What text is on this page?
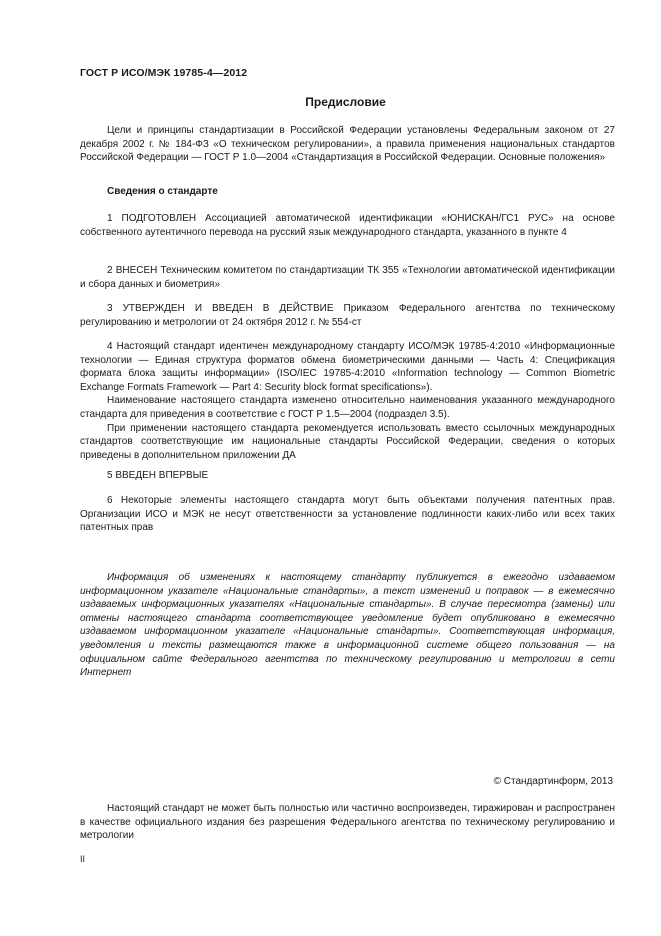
ГОСТ Р ИСО/МЭК 19785-4—2012
Предисловие

Цели и принципы стандартизации в Российской Федерации установлены Федеральным законом от 27 декабря 2002 г. № 184-ФЗ «О техническом регулировании», а правила применения национальных стандартов Российской Федерации — ГОСТ Р 1.0—2004 «Стандартизация в Российской Федерации. Основные положения»

Сведения о стандарте

1 ПОДГОТОВЛЕН Ассоциацией автоматической идентификации «ЮНИСКАН/ГС1 РУС» на основе собственного аутентичного перевода на русский язык международного стандарта, указанного в пункте 4

2 ВНЕСЕН Техническим комитетом по стандартизации ТК 355 «Технологии автоматической идентификации и сбора данных и биометрия»

3 УТВЕРЖДЕН И ВВЕДЕН В ДЕЙСТВИЕ Приказом Федерального агентства по техническому регулированию и метрологии от 24 октября 2012 г. № 554-ст

4 Настоящий стандарт идентичен международному стандарту ИСО/МЭК 19785-4:2010 «Информационные технологии — Единая структура форматов обмена биометрическими данными — Часть 4: Спецификация формата блока защиты информации» (ISO/IEC 19785-4:2010 «Information technology — Common Biometric Exchange Formats Framework — Part 4: Security block format specifications»).

Наименование настоящего стандарта изменено относительно наименования указанного международного стандарта для приведения в соответствие с ГОСТ Р 1.5—2004 (подраздел 3.5).

При применении настоящего стандарта рекомендуется использовать вместо ссылочных международных стандартов соответствующие им национальные стандарты Российской Федерации, сведения о которых приведены в дополнительном приложении ДА

5 ВВЕДЕН ВПЕРВЫЕ

6 Некоторые элементы настоящего стандарта могут быть объектами получения патентных прав. Организации ИСО и МЭК не несут ответственности за установление подлинности каких-либо или всех таких патентных прав

Информация об изменениях к настоящему стандарту публикуется в ежегодно издаваемом информационном указателе «Национальные стандарты», а текст изменений и поправок — в ежемесячно издаваемых информационных указателях «Национальные стандарты». В случае пересмотра (замены) или отмены настоящего стандарта соответствующее уведомление будет опубликовано в ежемесячно издаваемом информационном указателе «Национальные стандарты». Соответствующая информация, уведомления и тексты размещаются также в информационной системе общего пользования — на официальном сайте Федерального агентства по техническому регулированию и метрологии в сети Интернет

© Стандартинформ, 2013

Настоящий стандарт не может быть полностью или частично воспроизведен, тиражирован и распространен в качестве официального издания без разрешения Федерального агентства по техническому регулированию и метрологии

II
